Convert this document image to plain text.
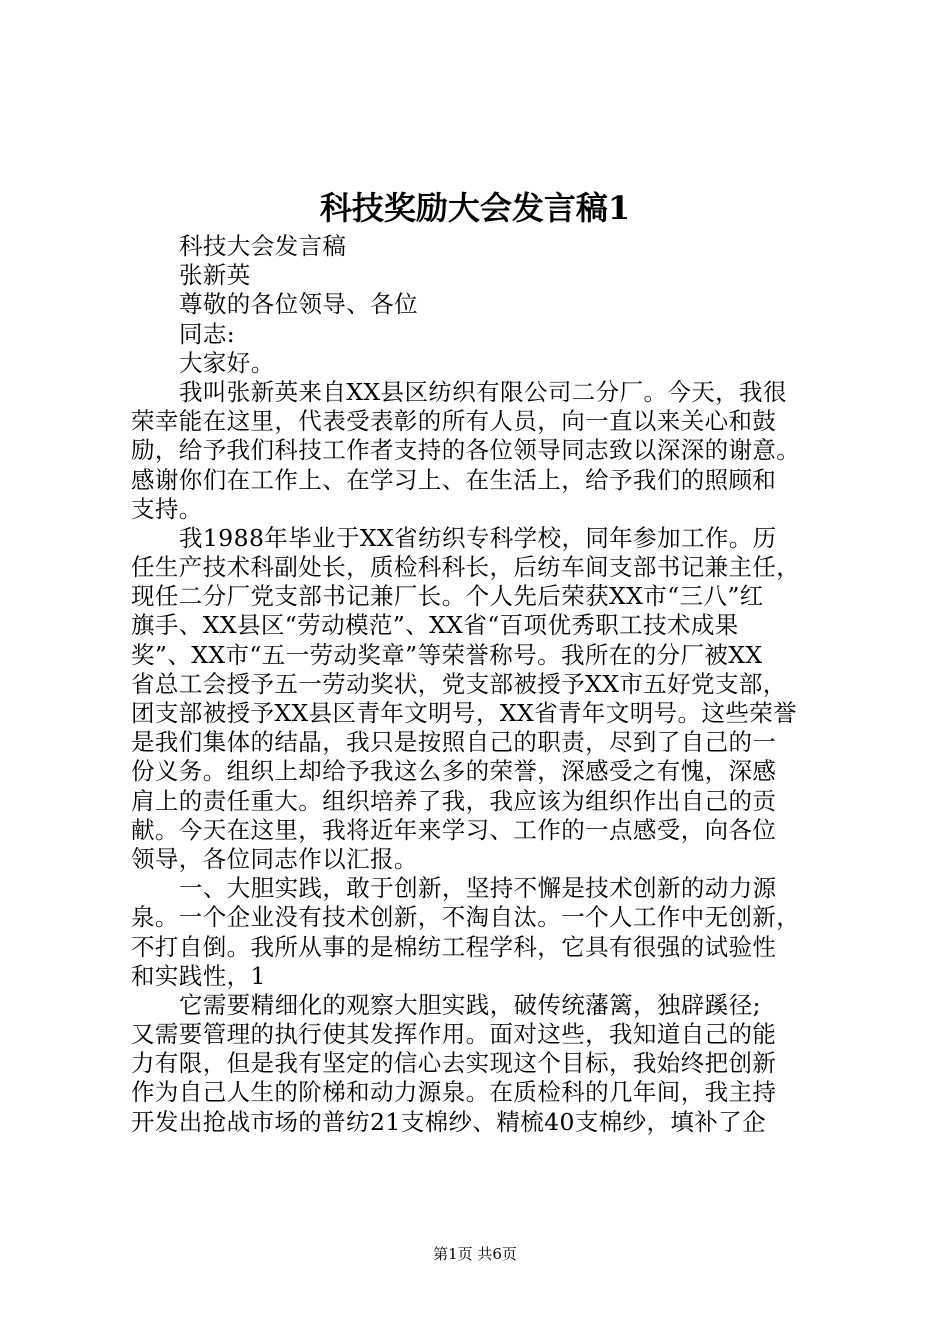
科技奖励大会发言稿1
科技大会发言稿
张新英
尊敬的各位领导、各位
同志:
大家好。
我叫张新英来自XX县区纺织有限公司二分厂。今天，我很
荣幸能在这里，代表受表彰的所有人员，向一直以来关心和鼓
励，给予我们科技工作者支持的各位领导同志致以深深的谢意。
感谢你们在工作上、在学习上、在生活上，给予我们的照顾和
支持。
我1988年毕业于XX省纺织专科学校，同年参加工作。历
任生产技术科副处长，质检科科长，后纺车间支部书记兼主任，
现任二分厂党支部书记兼厂长。个人先后荣获XX市“三八”红
旗手、XX县区“劳动模范”、XX省“百项优秀职工技术成果
奖”、XX市“五一劳动奖章”等荣誉称号。我所在的分厂被XX
省总工会授予五一劳动奖状，党支部被授予XX市五好党支部，
团支部被授予XX县区青年文明号，XX省青年文明号。这些荣誉
是我们集体的结晶，我只是按照自己的职责，尽到了自己的一
份义务。组织上却给予我这么多的荣誉，深感受之有愧，深感
肩上的责任重大。组织培养了我，我应该为组织作出自己的贡
献。今天在这里，我将近年来学习、工作的一点感受，向各位
领导，各位同志作以汇报。
一、大胆实践，敢于创新，坚持不懈是技术创新的动力源
泉。一个企业没有技术创新，不淘自汰。一个人工作中无创新，
不打自倒。我所从事的是棉纺工程学科，它具有很强的试验性
和实践性，1
它需要精细化的观察大胆实践，破传统藩篱，独辟蹊径;
又需要管理的执行使其发挥作用。面对这些，我知道自己的能
力有限，但是我有坚定的信心去实现这个目标，我始终把创新
作为自己人生的阶梯和动力源泉。在质检科的几年间，我主持
开发出抢战市场的普纺21支棉纱、精梳40支棉纱，填补了企
第1页 共6页
